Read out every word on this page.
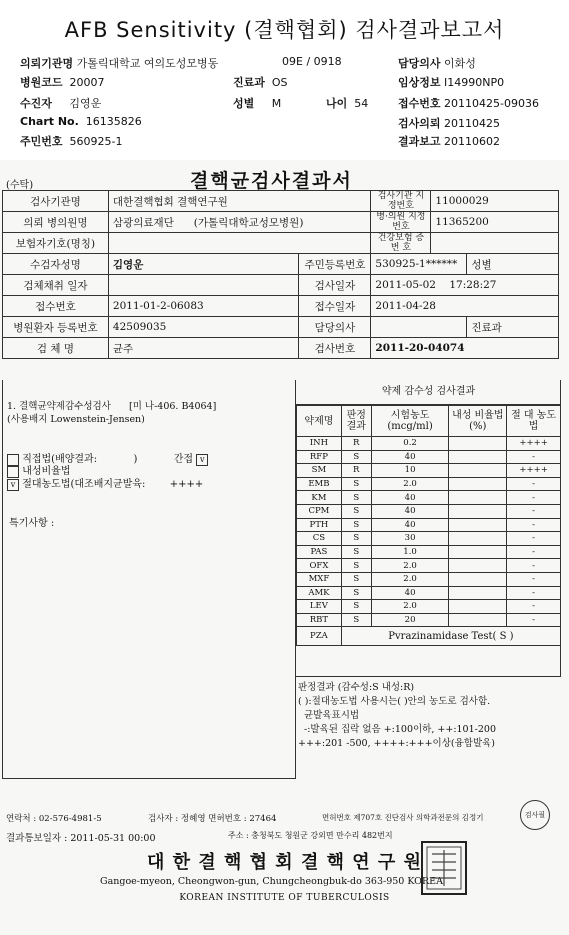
AFB Sensitivity (결핵협회) 검사결과보고서
의뢰기관명 가톨릭대학교 여의도성모병동	09E / 0918	담당의사 이화성
병원코드 20007	진료과 OS	임상정보 I14990NP0
수진자 김영운	성별 M	나이 54	접수번호 20110425-09036
Chart No. 16135826	검사의뢰 20110425
주민번호 560925-1	결과보고 20110602
(수탁)	결핵균검사결과서
검사기관명	대한결핵협회 결핵연구원		검사기관 지정번호	11000029	
의뢰 병의원명	삼광의료재단 (가톨릭대학교성모병원)		병·의원 지정번호	11365200	
보험자기호(명칭)			건강보험 증 번 호		
수검자성명	김영운	주민등록번호	530925-1******		성별
검체채취 일자		검사일자	2011-05-02 17:28:27		
접수번호	2011-01-2-06083	접수일자	2011-04-28		
병원환자 등록번호	42509035	담당의사			진료과
검 체 명	균주	검사번호	2011-20-04074		
1. 결핵균약제감수성검사 [미 나-406. B4064]
(사용배지 Lowenstein-Jensen)
직접법(배양결과:	)	간접 v
내성비율법
v 절대농도법(대조배지균발육: ++++
특기사항 :
약제 감수성 검사결과
약제명	판정 결과	시험농도 (mcg/ml)	내성 비율법(%)	절 대 농도법
INH	R	0.2		++++
RFP	S	40		-
SM	R	10		++++
EMB	S	2.0		-
KM	S	40		-
CPM	S	40		-
PTH	S	40		-
CS	S	30		-
PAS	S	1.0		-
OFX	S	2.0		-
MXF	S	2.0		-
AMK	S	40		-
LEV	S	2.0		-
RBT	S	20		-
PZA	Pvrazinamidase Test( S )			
판정결과 (감수성:S 내성:R)
( ):절대농도법 사용시는( )안의 농도로 검사함.
균발육표시법
-:발육된 집락 없음 +:100이하, ++:101-200
+++:201 -500, ++++:+++이상(융합발육)
연락처 : 02-576-4981-5	검사자 : 정혜영 면허번호 : 27464	면허번호 제707호 진단검사 의학과전문의 김정기
결과통보일자 : 2011-05-31 00:00	주소 : 충청북도 청원군 강외면 만수리 482번지
대 한 결 핵 협 회 결 핵 연 구 원
Gangoe-myeon, Cheongwon-gun, Chungcheongbuk-do 363-950 KOREA
KOREAN INSTITUTE OF TUBERCULOSIS
검사필
